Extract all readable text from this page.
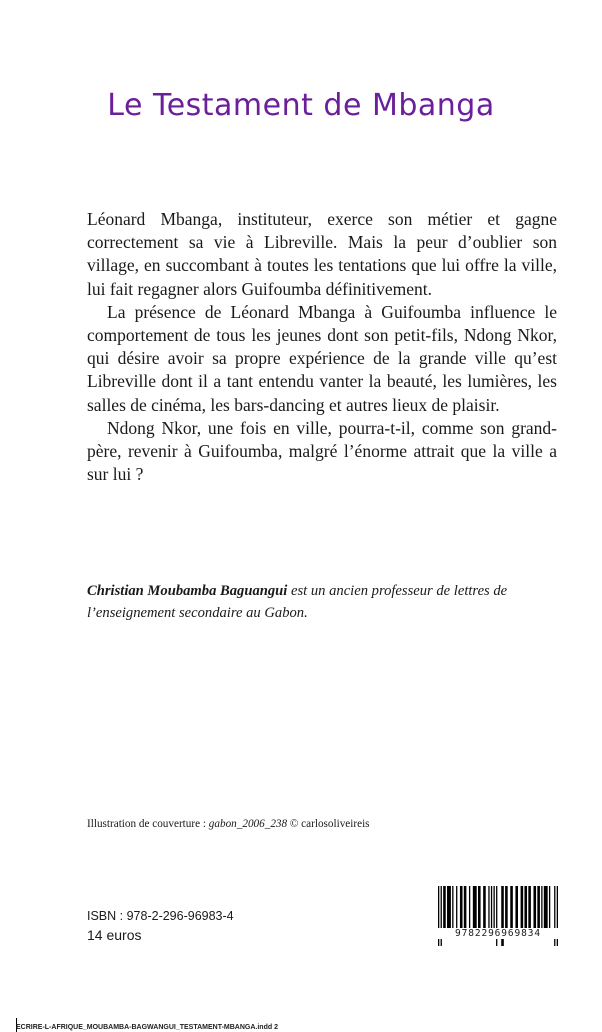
Le Testament de Mbanga

Léonard Mbanga, instituteur, exerce son métier et gagne correctement sa vie à Libreville. Mais la peur d’oublier son village, en succombant à toutes les tentations que lui offre la ville, lui fait regagner alors Guifoumba définitivement.

La présence de Léonard Mbanga à Guifoumba influence le comportement de tous les jeunes dont son petit-fils, Ndong Nkor, qui désire avoir sa propre expérience de la grande ville qu’est Libreville dont il a tant entendu vanter la beauté, les lumières, les salles de cinéma, les bars-dancing et autres lieux de plaisir.

Ndong Nkor, une fois en ville, pourra-t-il, comme son grand-père, revenir à Guifoumba, malgré l’énorme attrait que la ville a sur lui ?

Christian Moubamba Baguangui est un ancien professeur de lettres de l’enseignement secondaire au Gabon.

Illustration de couverture : gabon_2006_238 © carlosoliveireis
ISBN : 978-2-296-96983-4
14 euros	9782296969834
ECRIRE-L-AFRIQUE_MOUBAMBA-BAGWANGUI_TESTAMENT-MBANGA.indd 2
